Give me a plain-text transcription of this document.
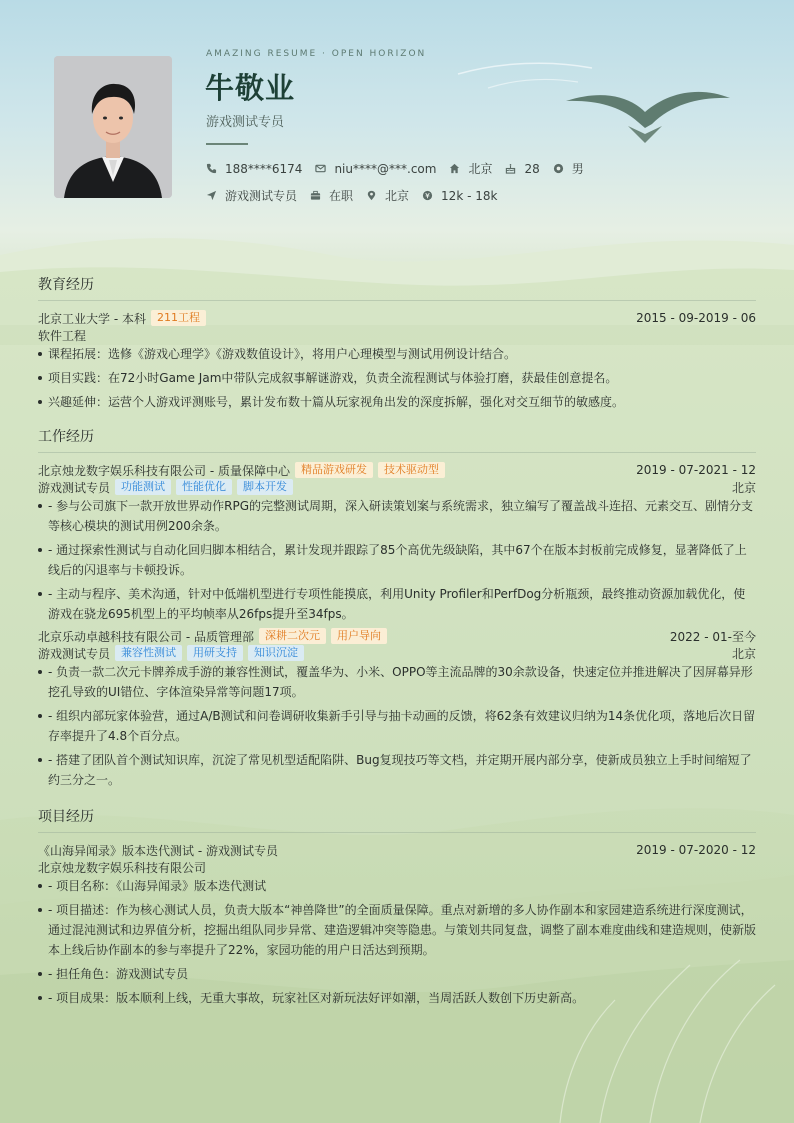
AMAZING RESUME · OPEN HORIZON
牛敬业
游戏测试专员
188****6174	niu****@***.com	北京	28	男
游戏测试专员	在职	北京	12k - 18k
教育经历
北京工业大学 - 本科	211工程	2015 - 09-2019 - 06
软件工程
课程拓展：选修《游戏心理学》《游戏数值设计》，将用户心理模型与测试用例设计结合。
项目实践：在72小时Game Jam中带队完成叙事解谜游戏，负责全流程测试与体验打磨，获最佳创意提名。
兴趣延伸：运营个人游戏评测账号，累计发布数十篇从玩家视角出发的深度拆解，强化对交互细节的敏感度。
工作经历
北京烛龙数字娱乐科技有限公司 - 质量保障中心	精品游戏研发	技术驱动型	2019 - 07-2021 - 12
游戏测试专员	功能测试	性能优化	脚本开发	北京
- 参与公司旗下一款开放世界动作RPG的完整测试周期，深入研读策划案与系统需求，独立编写了覆盖战斗连招、元素交互、剧情分支等核心模块的测试用例200余条。
- 通过探索性测试与自动化回归脚本相结合，累计发现并跟踪了85个高优先级缺陷，其中67个在版本封板前完成修复，显著降低了上线后的闪退率与卡顿投诉。
- 主动与程序、美术沟通，针对中低端机型进行专项性能摸底，利用Unity Profiler和PerfDog分析瓶颈，最终推动资源加载优化，使游戏在骁龙695机型上的平均帧率从26fps提升至34fps。
北京乐动卓越科技有限公司 - 品质管理部	深耕二次元	用户导向	2022 - 01-至今
游戏测试专员	兼容性测试	用研支持	知识沉淀	北京
- 负责一款二次元卡牌养成手游的兼容性测试，覆盖华为、小米、OPPO等主流品牌的30余款设备，快速定位并推进解决了因屏幕异形挖孔导致的UI错位、字体渲染异常等问题17项。
- 组织内部玩家体验营，通过A/B测试和问卷调研收集新手引导与抽卡动画的反馈，将62条有效建议归纳为14条优化项，落地后次日留存率提升了4.8个百分点。
- 搭建了团队首个测试知识库，沉淀了常见机型适配陷阱、Bug复现技巧等文档，并定期开展内部分享，使新成员独立上手时间缩短了约三分之一。
项目经历
《山海异闻录》版本迭代测试 - 游戏测试专员	2019 - 07-2020 - 12
北京烛龙数字娱乐科技有限公司
- 项目名称：《山海异闻录》版本迭代测试
- 项目描述：作为核心测试人员，负责大版本“神兽降世”的全面质量保障。重点对新增的多人协作副本和家园建造系统进行深度测试，通过混沌测试和边界值分析，挖掘出组队同步异常、建造逻辑冲突等隐患。与策划共同复盘，调整了副本难度曲线和建造规则，使新版本上线后协作副本的参与率提升了22%，家园功能的用户日活达到预期。
- 担任角色：游戏测试专员
- 项目成果：版本顺利上线，无重大事故，玩家社区对新玩法好评如潮，当周活跃人数创下历史新高。
